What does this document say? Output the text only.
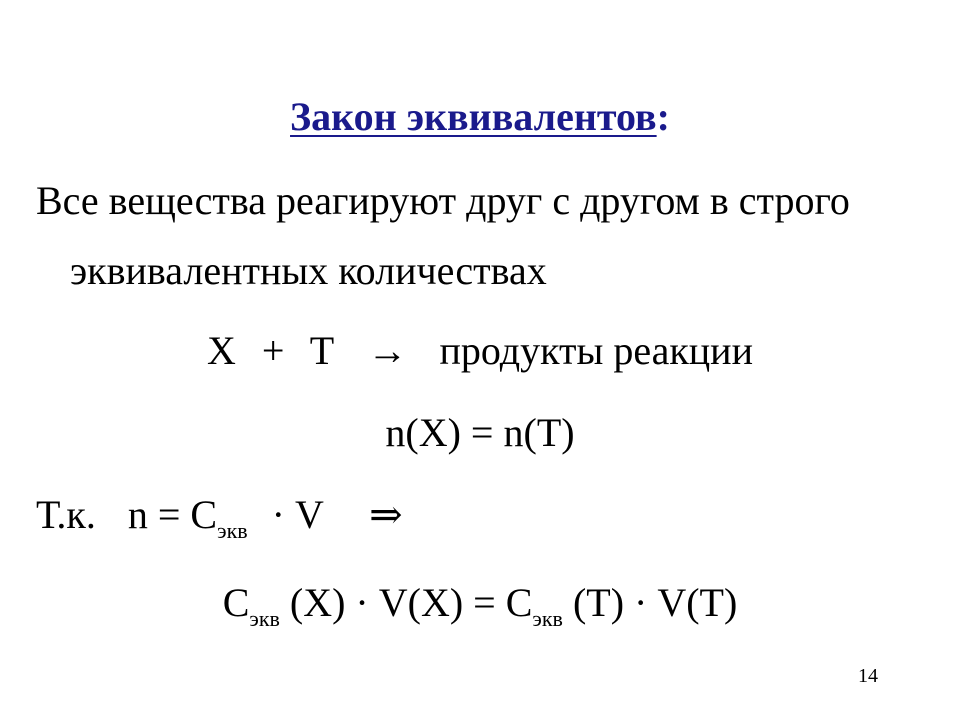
Закон эквивалентов:
Все вещества реагируют друг с другом в строго
эквивалентных количествах
X + T → продукты реакции
n(X) = n(T)
Т.к. $n = C_{экв} \cdot V$ ⇒
$C_{экв}$ $(X) \cdot V(X) = C_{экв}$ (T) · V(T)
14
